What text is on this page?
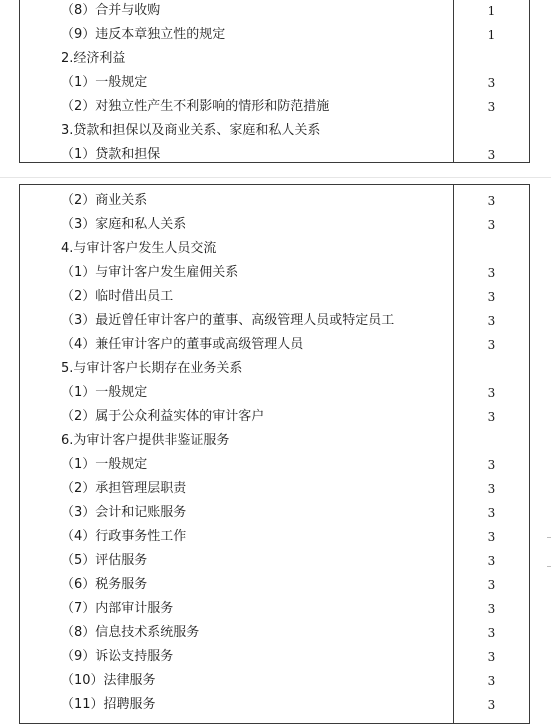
（8）合并与收购	1
（9）违反本章独立性的规定	1
2.经济利益
（1）一般规定	3
（2）对独立性产生不利影响的情形和防范措施	3
3.贷款和担保以及商业关系、家庭和私人关系
（1）贷款和担保	3
（2）商业关系	3
（3）家庭和私人关系	3
4.与审计客户发生人员交流
（1）与审计客户发生雇佣关系	3
（2）临时借出员工	3
（3）最近曾任审计客户的董事、高级管理人员或特定员工	3
（4）兼任审计客户的董事或高级管理人员	3
5.与审计客户长期存在业务关系
（1）一般规定	3
（2）属于公众利益实体的审计客户	3
6.为审计客户提供非鉴证服务
（1）一般规定	3
（2）承担管理层职责	3
（3）会计和记账服务	3
（4）行政事务性工作	3
（5）评估服务	3
（6）税务服务	3
（7）内部审计服务	3
（8）信息技术系统服务	3
（9）诉讼支持服务	3
（10）法律服务	3
（11）招聘服务	3
